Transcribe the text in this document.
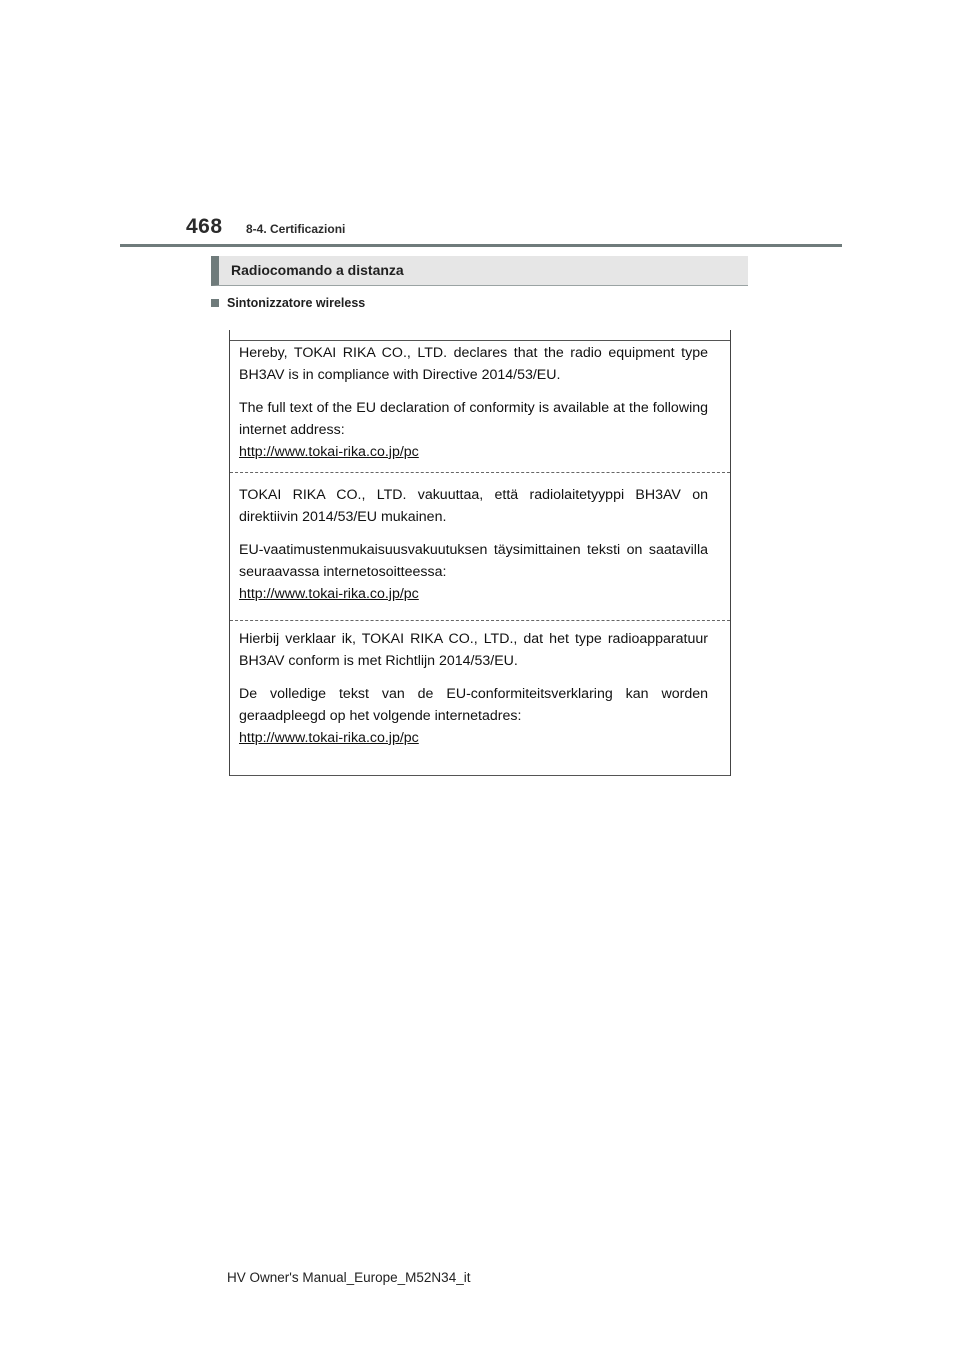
468 8-4. Certificazioni
Radiocomando a distanza
Sintonizzatore wireless

Hereby, TOKAI RIKA CO., LTD. declares that the radio equipment type BH3AV is in compliance with Directive 2014/53/EU.

The full text of the EU declaration of conformity is available at the following internet address:

http://www.tokai-rika.co.jp/pc

TOKAI RIKA CO., LTD. vakuuttaa, että radiolaitetyyppi BH3AV on direktiivin 2014/53/EU mukainen.

EU-vaatimustenmukaisuusvakuutuksen täysimittainen teksti on saatavilla seuraavassa internetosoitteessa:

http://www.tokai-rika.co.jp/pc

Hierbij verklaar ik, TOKAI RIKA CO., LTD., dat het type radioapparatuur BH3AV conform is met Richtlijn 2014/53/EU.

De volledige tekst van de EU-conformiteitsverklaring kan worden geraadpleegd op het volgende internetadres:

http://www.tokai-rika.co.jp/pc
HV Owner's Manual_Europe_M52N34_it
